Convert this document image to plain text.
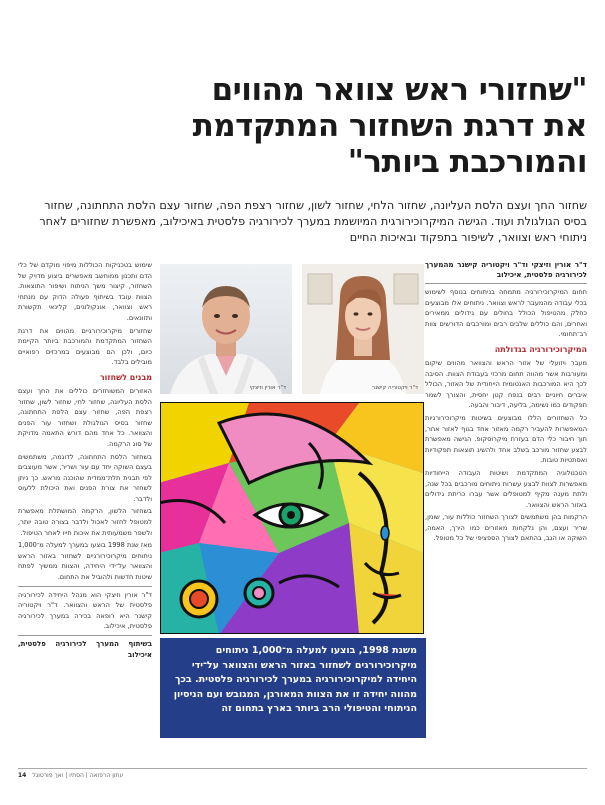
"שחזורי ראש צוואר מהווים
את דרגת השחזור המתקדמת
והמורכבת ביותר"
שחזור החך ועצם הלסת העליונה, שחזור הלחי, שחזור לשון, שחזור רצפת הפה, שחזור עצם הלסת התחתונה, שחזור בסיס הגולגולת ועוד. הגישה המיקרוכירורגית המיושמת במערך לכירורגיה פלסטית באיכילוב, מאפשרת שחזורים לאחר ניתוחי ראש וצוואר, לשיפור בתפקוד ובאיכות החיים

ד"ר אורין וזיצקי וד"ר ויקטוריה קישנר מהמערך לכירורגיה פלסטית, איכילוב

תחום המיקרוכירורגיה מתמחה בניתוחים בנוסף לשימוש בכלי עבודה מהמעבר לראש וצוואר. ניתוחים אלו מבוצעים כחלק מהטיפול הכולל בחולים עם גידולים ממאירים ואחרים, והם כוללים שלבים רבים ומורכבים הדורשים צוות רב־תחומי.

המיקרוכירורגיה בגדולתה

מעבר ויזועלי של אזור הראש והצוואר מהווים שיקום ומעורבות אשר מהווה תחום מרכזי בעבודת הצוות. הסיבה לכך היא המורכבות האנטומית הייחודית של האזור, הכולל איברים חיוניים רבים בנפח קטן יחסית, והצורך לשמר תפקודים כמו נשימה, בליעה, דיבור והבעה.

כל השחזורים הללו מבוצעים בשיטות מיקרוכירורגיות המאפשרות להעביר רקמה מאזור אחד בגוף לאזור אחר, תוך חיבור כלי הדם בעזרת מיקרוסקופ. הגישה מאפשרת לבצע שחזור מורכב בשלב אחד ולהשיג תוצאות תפקודיות ואסתטיות טובות.

הטכנולוגיה המתקדמת ושיטות העבודה הייחודיות מאפשרות לצוות לבצע עשרות ניתוחים מורכבים בכל שנה, ולתת מענה מקיף למטופלים אשר עברו כריתת גידולים באזור הראש והצוואר.

הרקמות בהן משתמשים לצורך השחזור כוללות עור, שומן, שריר ועצם, והן נלקחות מאזורים כמו הירך, האמה, השוקה או הגב, בהתאם לצורך הספציפי של כל מטופל.

שימוש בטכניקות הכוללות מיפוי מוקדם של כלי הדם ותכנון ממוחשב מאפשרים ביצוע מדויק של השחזור, קיצור משך הניתוח ושיפור התוצאות. הצוות עובד בשיתוף פעולה הדוק עם מנתחי ראש וצוואר, אונקולוגים, קלינאי תקשורת ותזונאים.

שחזורים מיקרוכירורגיים מהווים את דרגת השחזור המתקדמת והמורכבת ביותר הקיימת כיום, ולכן הם מבוצעים במרכזים רפואיים מובילים בלבד.

מבנים לשחזור

האזורים המשוחזרים כוללים את החך ועצם הלסת העליונה, שחזור לחי, שחזור לשון, שחזור רצפת הפה, שחזור עצם הלסת התחתונה, שחזור בסיס הגולגולת ושחזור עור הפנים והצוואר. כל אחד מהם דורש התאמה מדויקת של סוג הרקמה.

בשחזור הלסת התחתונה, לדוגמה, משתמשים בעצם השוקה יחד עם עור ושריר, אשר מעוצבים לפי תבנית תלת־ממדית שהוכנה מראש. כך ניתן לשחזר את צורת הפנים ואת היכולת ללעוס ולדבר.

בשחזור הלשון, הרקמה המושתלת מאפשרת למטופל לחזור לאכול ולדבר בצורה טובה יותר, ולשפר משמעותית את איכות חייו לאחר הטיפול.

מאז שנת 1998 בוצעו במערך למעלה מ־1,000 ניתוחים מיקרוכירורגיים לשחזור באזור הראש והצוואר על־ידי היחידה, והצוות ממשיך לפתח שיטות חדשות ולהוביל את התחום.

ד"ר אורין וזיצקי הוא מנהל היחידה לכירורגיה פלסטית של הראש והצוואר. ד"ר ויקטוריה קישנר היא רופאה בכירה במערך לכירורגיה פלסטית, איכילוב.

בשיתוף המערך לכירורגיה פלסטית, איכילוב

ד"ר אורין וזיצקי	ד"ר ויקטוריה קישנר
משנת 1998, בוצעו למעלה מ־1,000 ניתוחים מיקרוכירורגים לשחזור באזור הראש והצוואר על־ידי היחידה למיקרוכירורגיה במערך לכירורגיה פלסטית. בכך מהווה יחידה זו את הצוות המאורגן, המגובש ועם הניסיון הניתוחי והטיפולי הרב ביותר בארץ בתחום זה
14 עתון הרפואה | הסתיו | ואך פורטוגל
